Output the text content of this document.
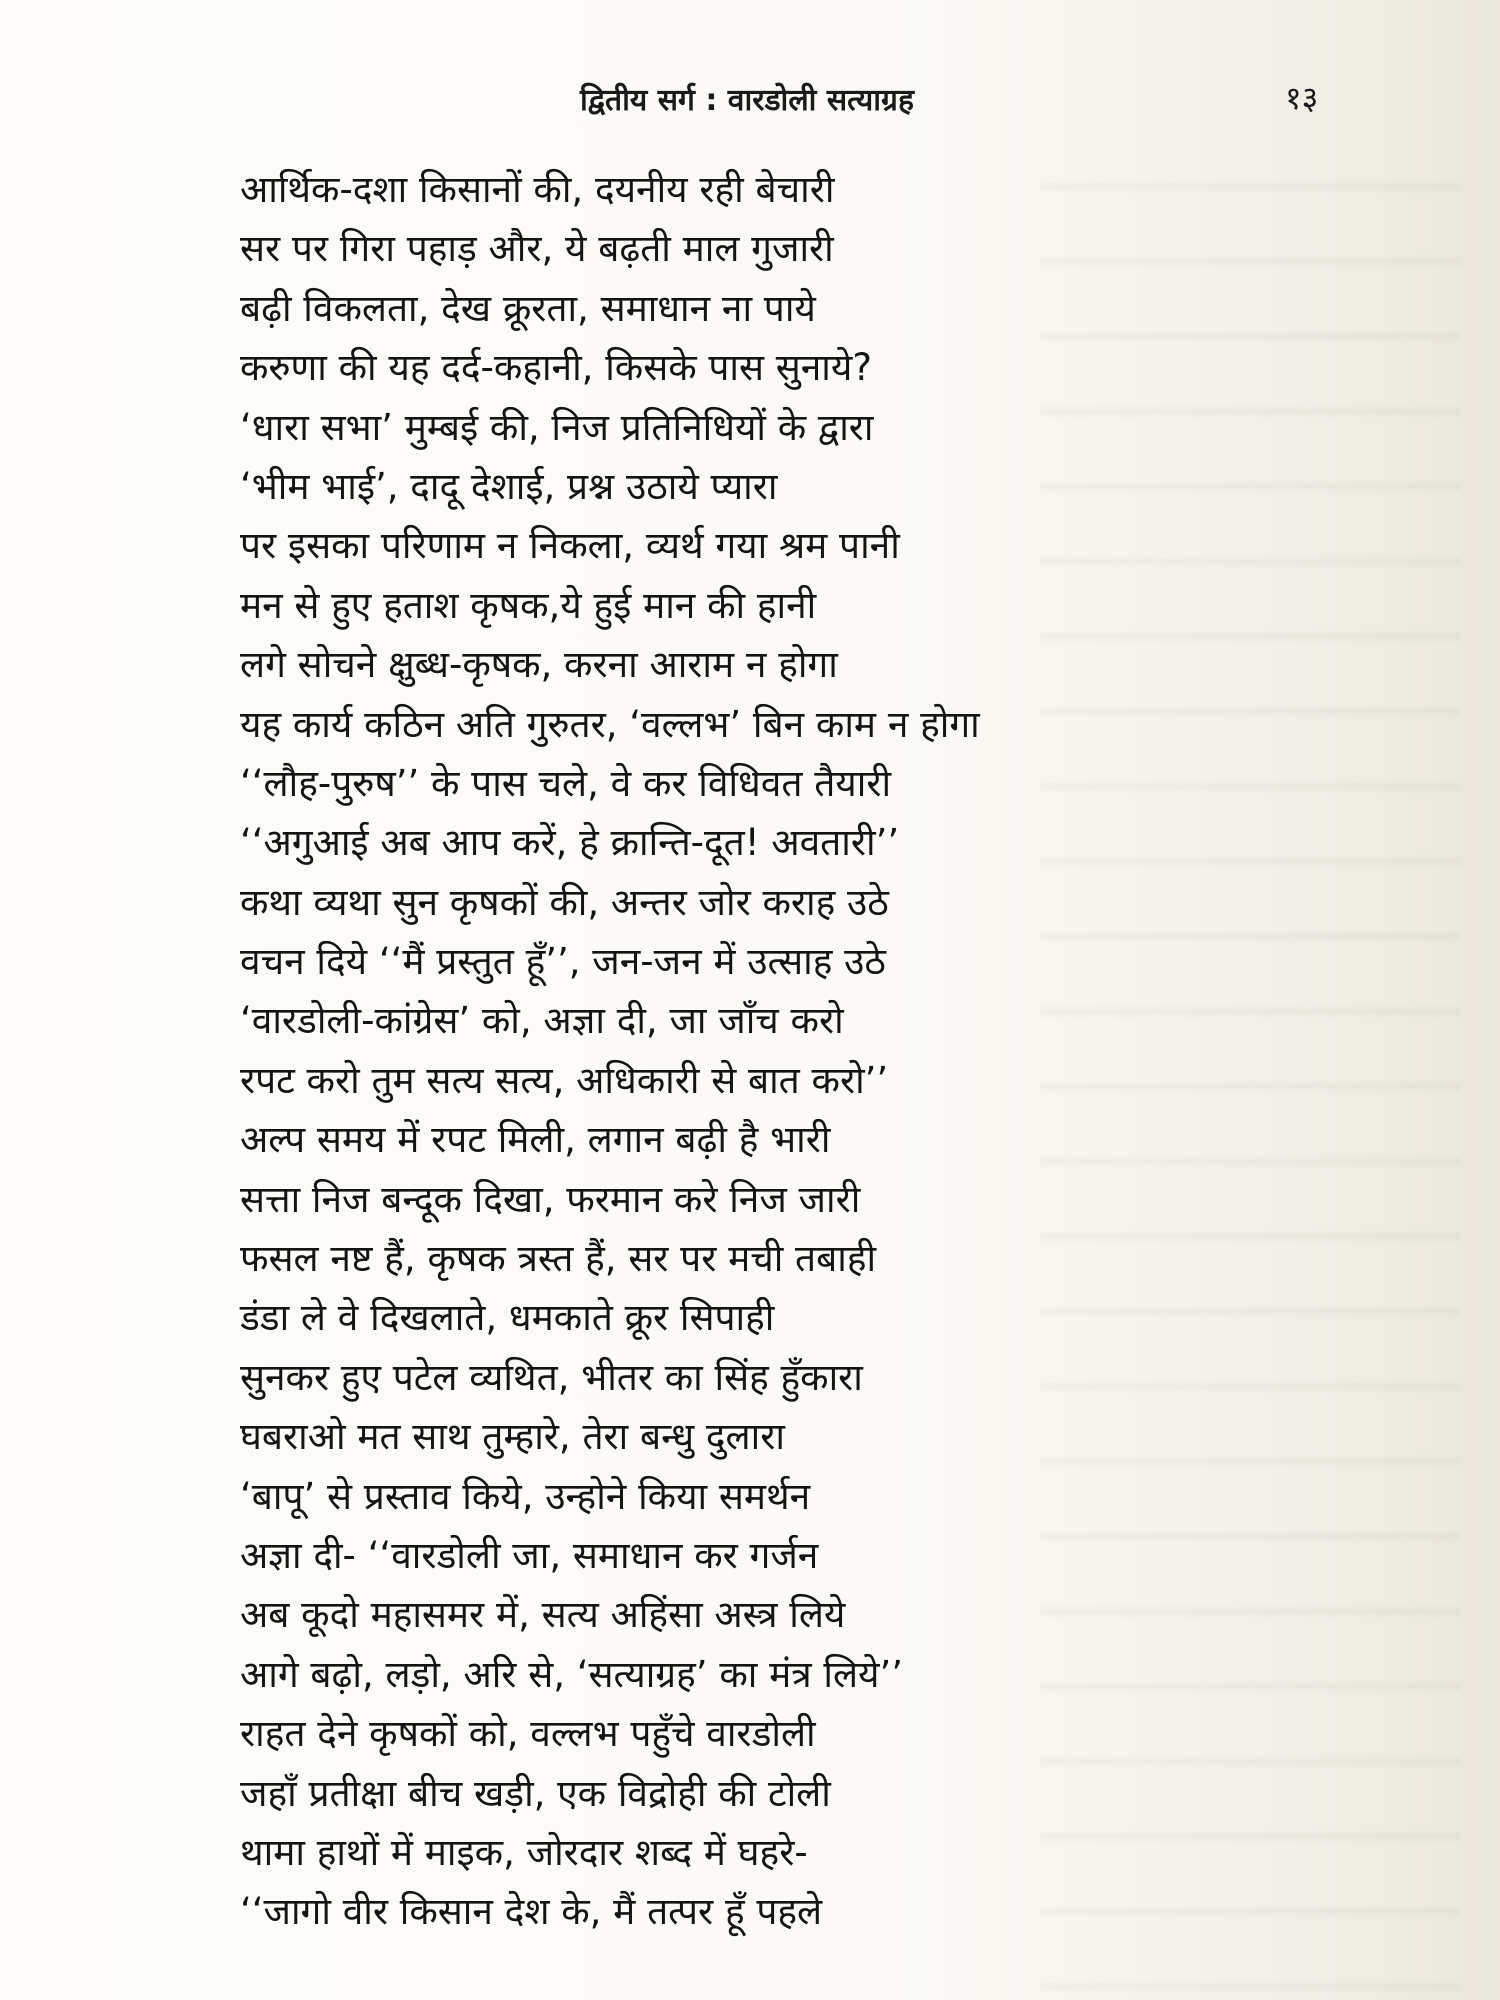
द्वितीय सर्ग : वारडोली सत्याग्रह	१३
आर्थिक-दशा किसानों की, दयनीय रही बेचारी
सर पर गिरा पहाड़ और, ये बढ़ती माल गुजारी
बढ़ी विकलता, देख क्रूरता, समाधान ना पाये
करुणा की यह दर्द-कहानी, किसके पास सुनाये?
‘धारा सभा’ मुम्बई की, निज प्रतिनिधियों के द्वारा
‘भीम भाई’, दादू देशाई, प्रश्न उठाये प्यारा
पर इसका परिणाम न निकला, व्यर्थ गया श्रम पानी
मन से हुए हताश कृषक,ये हुई मान की हानी
लगे सोचने क्षुब्ध-कृषक, करना आराम न होगा
यह कार्य कठिन अति गुरुतर, ‘वल्लभ’ बिन काम न होगा
‘‘लौह-पुरुष’’ के पास चले, वे कर विधिवत तैयारी
‘‘अगुआई अब आप करें, हे क्रान्ति-दूत! अवतारी’’
कथा व्यथा सुन कृषकों की, अन्तर जोर कराह उठे
वचन दिये ‘‘मैं प्रस्तुत हूँ’’, जन-जन में उत्साह उठे
‘वारडोली-कांग्रेस’ को, अज्ञा दी, जा जाँच करो
रपट करो तुम सत्य सत्य, अधिकारी से बात करो’’
अल्प समय में रपट मिली, लगान बढ़ी है भारी
सत्ता निज बन्दूक दिखा, फरमान करे निज जारी
फसल नष्ट हैं, कृषक त्रस्त हैं, सर पर मची तबाही
डंडा ले वे दिखलाते, धमकाते क्रूर सिपाही
सुनकर हुए पटेल व्यथित, भीतर का सिंह हुँकारा
घबराओ मत साथ तुम्हारे, तेरा बन्धु दुलारा
‘बापू’ से प्रस्ताव किये, उन्होने किया समर्थन
अज्ञा दी- ‘‘वारडोली जा, समाधान कर गर्जन
अब कूदो महासमर में, सत्य अहिंसा अस्त्र लिये
आगे बढ़ो, लड़ो, अरि से, ‘सत्याग्रह’ का मंत्र लिये’’
राहत देने कृषकों को, वल्लभ पहुँचे वारडोली
जहाँ प्रतीक्षा बीच खड़ी, एक विद्रोही की टोली
थामा हाथों में माइक, जोरदार शब्द में घहरे-
‘‘जागो वीर किसान देश के, मैं तत्पर हूँ पहले
